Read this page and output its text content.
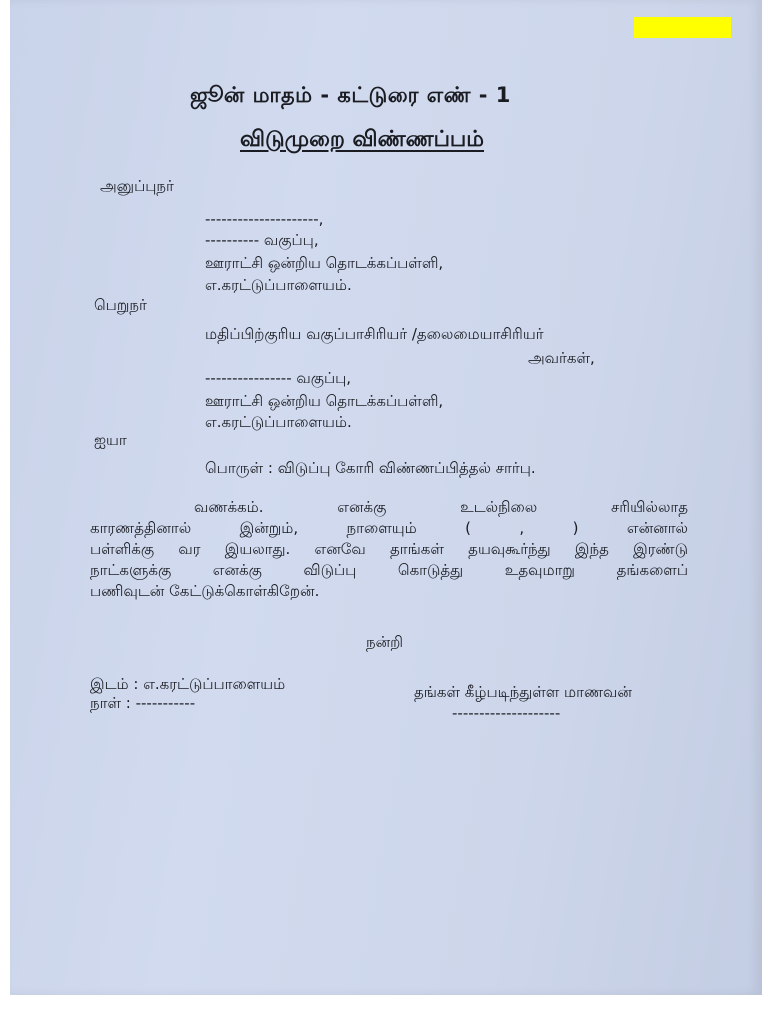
ஜூன் மாதம் - கட்டுரை எண் - 1
விடுமுறை விண்ணப்பம்
அனுப்புநர்
---------------------,
---------- வகுப்பு,
ஊராட்சி ஒன்றிய தொடக்கப்பள்ளி,
எ.கரட்டுப்பாளையம்.
பெறுநர்
மதிப்பிற்குரிய வகுப்பாசிரியர் /தலைமையாசிரியர்
அவர்கள்,
---------------- வகுப்பு,
ஊராட்சி ஒன்றிய தொடக்கப்பள்ளி,
எ.கரட்டுப்பாளையம்.
ஐயா
பொருள் : விடுப்பு கோரி விண்ணப்பித்தல் சார்பு.

வணக்கம். எனக்கு உடல்நிலை சரியில்லாத

காரணத்தினால் இன்றும், நாளையும் ( , ) என்னால்

பள்ளிக்கு வர இயலாது. எனவே தாங்கள் தயவுகூர்ந்து இந்த இரண்டு

நாட்களுக்கு எனக்கு விடுப்பு கொடுத்து உதவுமாறு தங்களைப்

பணிவுடன் கேட்டுக்கொள்கிறேன்.

நன்றி
இடம் : எ.கரட்டுப்பாளையம்
நாள் : -----------
தங்கள் கீழ்படிந்துள்ள மாணவன்
--------------------
